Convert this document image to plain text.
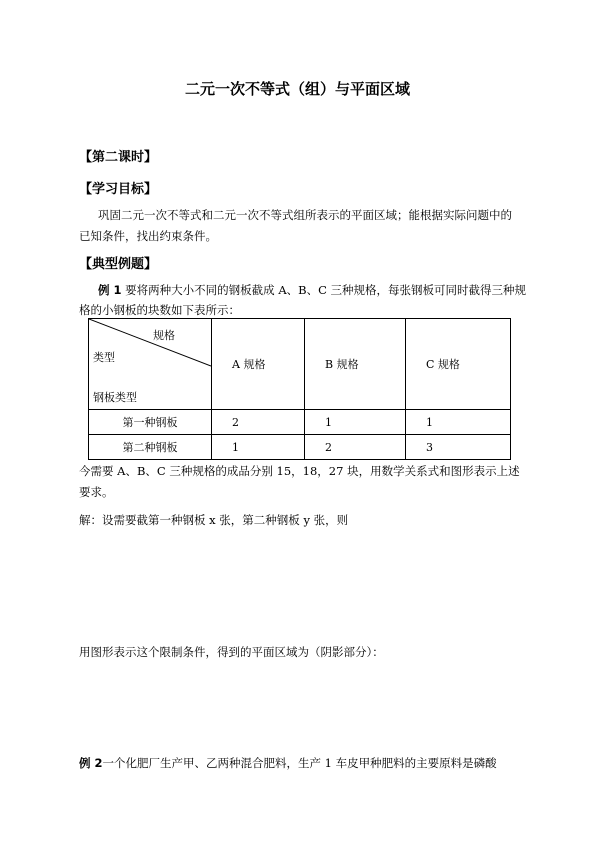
二元一次不等式（组）与平面区域
【第二课时】
【学习目标】
巩固二元一次不等式和二元一次不等式组所表示的平面区域；能根据实际问题中的
已知条件，找出约束条件。
【典型例题】
例 1 要将两种大小不同的钢板截成 A、B、C 三种规格，每张钢板可同时截得三种规
格的小钢板的块数如下表所示：
规格
类型
钢板类型	A 规格	B 规格	C 规格
第一种钢板	2	1	1
第二种钢板	1	2	3
今需要 A、B、C 三种规格的成品分别 15，18，27 块，用数学关系式和图形表示上述
要求。
解：设需要截第一种钢板 x 张，第二种钢板 y 张，则
用图形表示这个限制条件，得到的平面区域为（阴影部分）：
例 2一个化肥厂生产甲、乙两种混合肥料，生产 1 车皮甲种肥料的主要原料是磷酸
